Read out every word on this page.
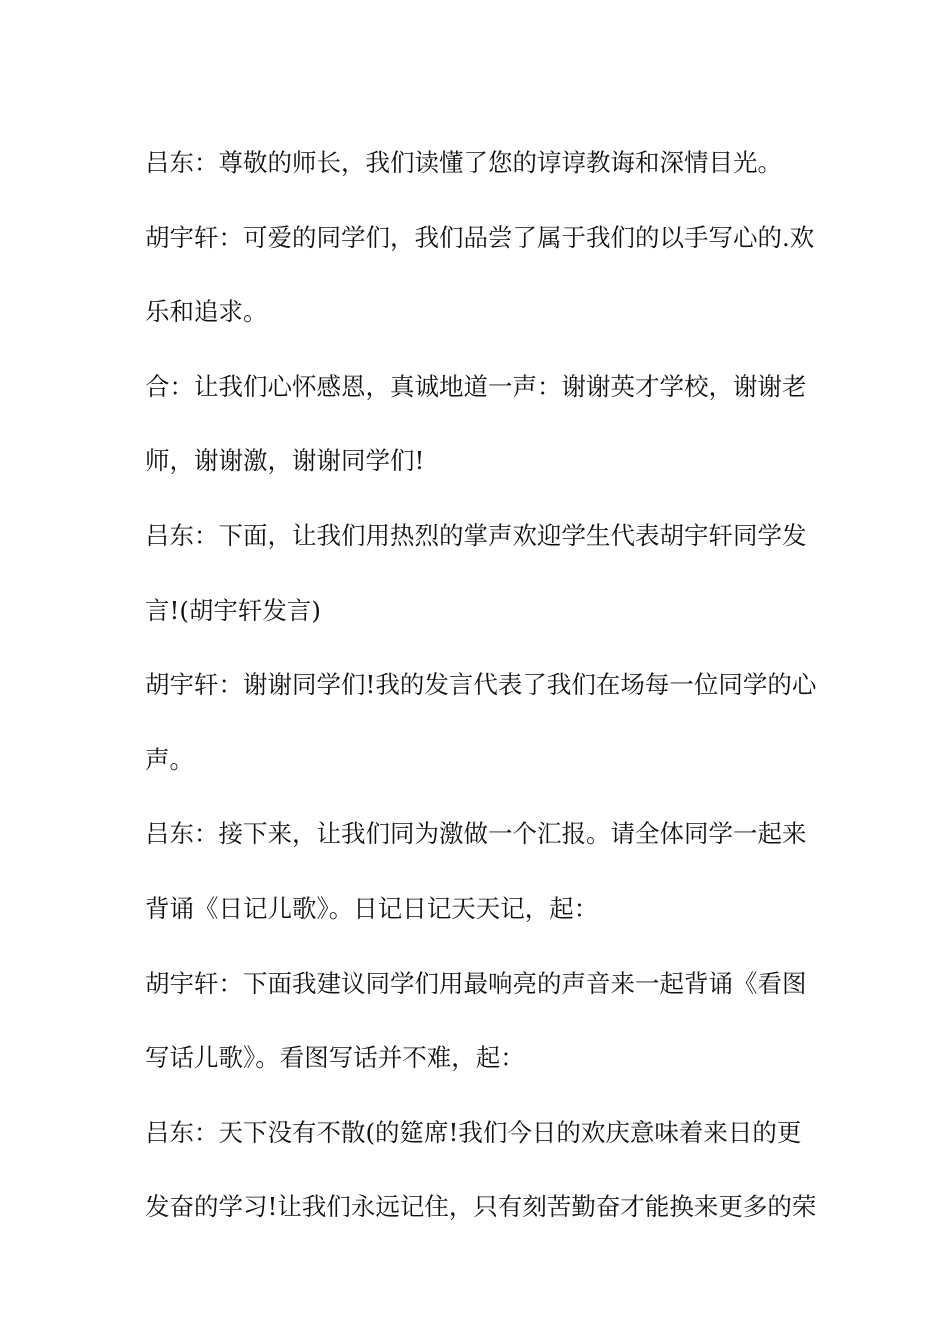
吕东：尊敬的师长，我们读懂了您的谆谆教诲和深情目光。
胡宇轩：可爱的同学们，我们品尝了属于我们的以手写心的.欢
乐和追求。
合：让我们心怀感恩，真诚地道一声：谢谢英才学校，谢谢老
师，谢谢激，谢谢同学们!
吕东：下面，让我们用热烈的掌声欢迎学生代表胡宇轩同学发
言!(胡宇轩发言)
胡宇轩：谢谢同学们!我的发言代表了我们在场每一位同学的心
声。
吕东：接下来，让我们同为激做一个汇报。请全体同学一起来
背诵《日记儿歌》。日记日记天天记，起：
胡宇轩：下面我建议同学们用最响亮的声音来一起背诵《看图
写话儿歌》。看图写话并不难，起：
吕东：天下没有不散(的筵席!我们今日的欢庆意味着来日的更
发奋的学习!让我们永远记住，只有刻苦勤奋才能换来更多的荣
